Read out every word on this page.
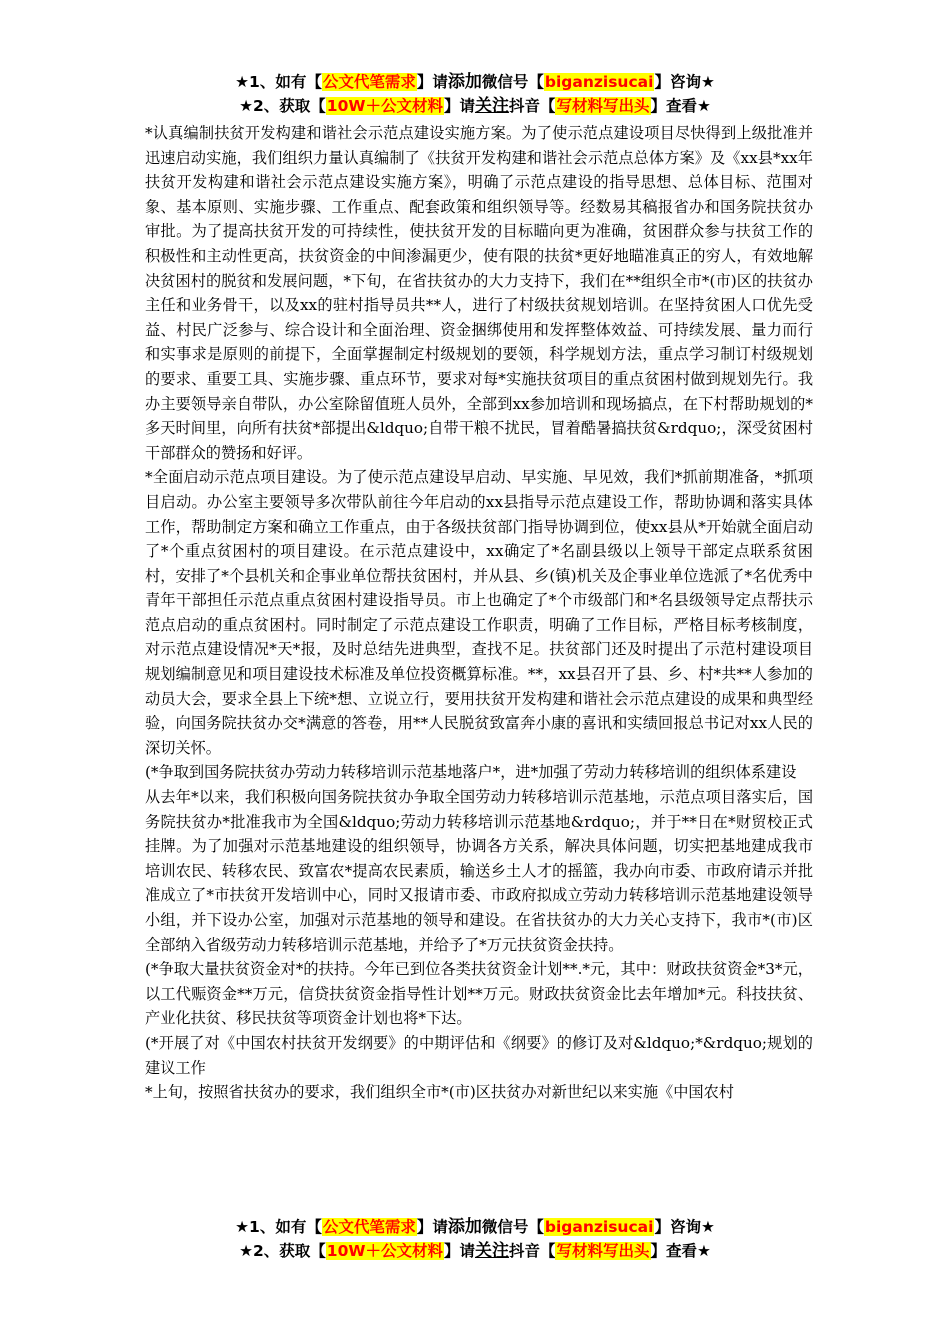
★1、如有【公文代笔需求】请添加微信号【biganzisucai】咨询★
★2、获取【10W＋公文材料】请关注抖音【写材料写出头】查看★

*认真编制扶贫开发构建和谐社会示范点建设实施方案。为了使示范点建设项目尽快得到上级批准并迅速启动实施，我们组织力量认真编制了《扶贫开发构建和谐社会示范点总体方案》及《xx县*xx年扶贫开发构建和谐社会示范点建设实施方案》，明确了示范点建设的指导思想、总体目标、范围对象、基本原则、实施步骤、工作重点、配套政策和组织领导等。经数易其稿报省办和国务院扶贫办审批。为了提高扶贫开发的可持续性，使扶贫开发的目标瞄向更为准确，贫困群众参与扶贫工作的积极性和主动性更高，扶贫资金的中间渗漏更少，使有限的扶贫*更好地瞄准真正的穷人，有效地解决贫困村的脱贫和发展问题，*下旬，在省扶贫办的大力支持下，我们在**组织全市*(市)区的扶贫办主任和业务骨干，以及xx的驻村指导员共**人，进行了村级扶贫规划培训。在坚持贫困人口优先受益、村民广泛参与、综合设计和全面治理、资金捆绑使用和发挥整体效益、可持续发展、量力而行和实事求是原则的前提下，全面掌握制定村级规划的要领，科学规划方法，重点学习制订村级规划的要求、重要工具、实施步骤、重点环节，要求对每*实施扶贫项目的重点贫困村做到规划先行。我办主要领导亲自带队，办公室除留值班人员外，全部到xx参加培训和现场搞点，在下村帮助规划的*多天时间里，向所有扶贫*部提出&ldquo;自带干粮不扰民，冒着酷暑搞扶贫&rdquo;，深受贫困村干部群众的赞扬和好评。

*全面启动示范点项目建设。为了使示范点建设早启动、早实施、早见效，我们*抓前期准备，*抓项目启动。办公室主要领导多次带队前往今年启动的xx县指导示范点建设工作，帮助协调和落实具体工作，帮助制定方案和确立工作重点，由于各级扶贫部门指导协调到位，使xx县从*开始就全面启动了*个重点贫困村的项目建设。在示范点建设中，xx确定了*名副县级以上领导干部定点联系贫困村，安排了*个县机关和企事业单位帮扶贫困村，并从县、乡(镇)机关及企事业单位选派了*名优秀中青年干部担任示范点重点贫困村建设指导员。市上也确定了*个市级部门和*名县级领导定点帮扶示范点启动的重点贫困村。同时制定了示范点建设工作职责，明确了工作目标，严格目标考核制度，对示范点建设情况*天*报，及时总结先进典型，查找不足。扶贫部门还及时提出了示范村建设项目规划编制意见和项目建设技术标准及单位投资概算标准。**，xx县召开了县、乡、村*共**人参加的动员大会，要求全县上下统*想、立说立行，要用扶贫开发构建和谐社会示范点建设的成果和典型经验，向国务院扶贫办交*满意的答卷，用**人民脱贫致富奔小康的喜讯和实绩回报总书记对xx人民的深切关怀。

(*争取到国务院扶贫办劳动力转移培训示范基地落户*，进*加强了劳动力转移培训的组织体系建设

从去年*以来，我们积极向国务院扶贫办争取全国劳动力转移培训示范基地，示范点项目落实后，国务院扶贫办*批准我市为全国&ldquo;劳动力转移培训示范基地&rdquo;，并于**日在*财贸校正式挂牌。为了加强对示范基地建设的组织领导，协调各方关系，解决具体问题，切实把基地建成我市培训农民、转移农民、致富农*提高农民素质，输送乡土人才的摇篮，我办向市委、市政府请示并批准成立了*市扶贫开发培训中心，同时又报请市委、市政府拟成立劳动力转移培训示范基地建设领导小组，并下设办公室，加强对示范基地的领导和建设。在省扶贫办的大力关心支持下，我市*(市)区全部纳入省级劳动力转移培训示范基地，并给予了*万元扶贫资金扶持。

(*争取大量扶贫资金对*的扶持。今年已到位各类扶贫资金计划**.*元，其中：财政扶贫资金*3*元，以工代赈资金**万元，信贷扶贫资金指导性计划**万元。财政扶贫资金比去年增加*元。科技扶贫、产业化扶贫、移民扶贫等项资金计划也将*下达。

(*开展了对《中国农村扶贫开发纲要》的中期评估和《纲要》的修订及对&ldquo;*&rdquo;规划的建议工作

*上旬，按照省扶贫办的要求，我们组织全市*(市)区扶贫办对新世纪以来实施《中国农村

★1、如有【公文代笔需求】请添加微信号【biganzisucai】咨询★
★2、获取【10W＋公文材料】请关注抖音【写材料写出头】查看★
